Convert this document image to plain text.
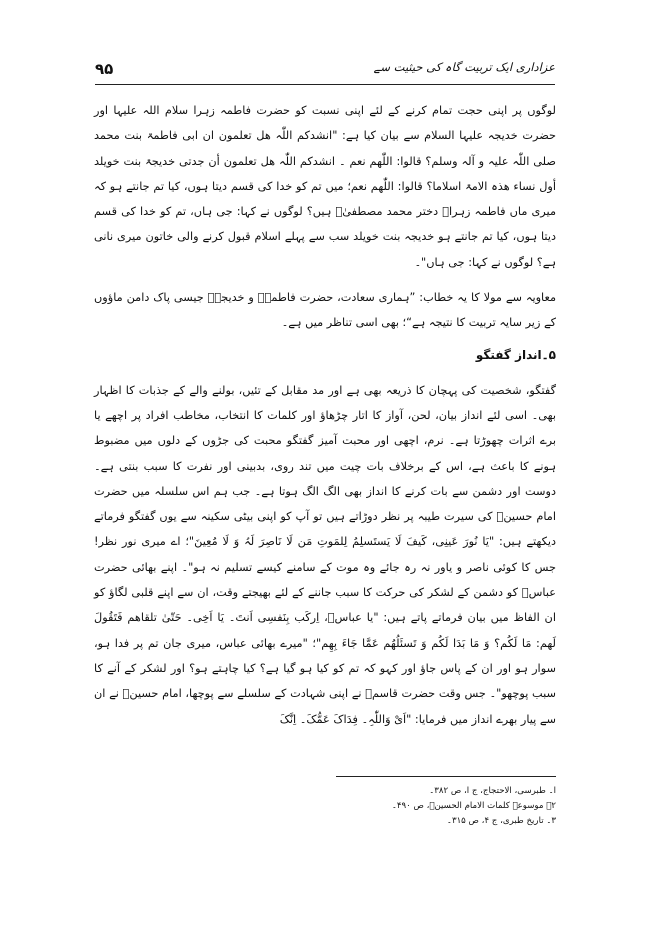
۹۵	عزاداری ایک تربیت گاہ کی حیثیت سے

لوگوں پر اپنی حجت تمام کرنے کے لئے اپنی نسبت کو حضرت فاطمہ زہرا سلام اللہ علیہا اور حضرت خدیجہ علیہا السلام سے بیان کیا ہے: "انشدکم اللّٰہ ھل تعلمون ان ابی فاطمۃ بنت محمد صلی اللّٰہ علیہ و آلہ وسلم؟ قالوا: اللّٰھم نعم ۔ انشدکم اللّٰہ ھل تعلمون أن جدتی خدیجۃ بنت خویلد أول نساء ھذہ الامۃ اسلاما؟ قالوا: اللّٰھم نعم؛ میں تم کو خدا کی قسم دیتا ہوں، کیا تم جانتے ہو کہ میری ماں فاطمہ زہراؑ دختر محمد مصطفیٰؐ ہیں؟ لوگوں نے کہا: جی ہاں، تم کو خدا کی قسم دیتا ہوں، کیا تم جانتے ہو خدیجہ بنت خویلد سب سے پہلے اسلام قبول کرنے والی خاتون میری نانی ہے؟ لوگوں نے کہا: جی ہاں"۔

معاویہ سے مولا کا یہ خطاب: ”ہماری سعادت، حضرت فاطمہؑ و خدیجہؑ جیسی پاک دامن ماؤوں کے زیر سایہ تربیت کا نتیجہ ہے“؛ بھی اسی تناظر میں ہے۔

۵۔انداز گفتگو

گفتگو، شخصیت کی پہچان کا ذریعہ بھی ہے اور مد مقابل کے تئیں، بولنے والے کے جذبات کا اظہار بھی۔ اسی لئے انداز بیان، لحن، آواز کا اتار چڑھاؤ اور کلمات کا انتخاب، مخاطب افراد پر اچھے یا برے اثرات چھوڑتا ہے۔ نرم، اچھی اور محبت آمیز گفتگو محبت کی جڑوں کے دلوں میں مضبوط ہونے کا باعث ہے، اس کے برخلاف بات چیت میں تند روی، بدبینی اور نفرت کا سبب بنتی ہے۔ دوست اور دشمن سے بات کرنے کا انداز بھی الگ الگ ہوتا ہے۔ جب ہم اس سلسلہ میں حضرت امام حسینؑ کی سیرت طیبہ پر نظر دوڑاتے ہیں تو آپ کو اپنی بیٹی سکینہ سے یوں گفتگو فرماتے دیکھتے ہیں: "یَا نُورَ عَینِی، کَیفَ لَا یَستَسلِمُ لِلمَوتِ مَن لَا نَاصِرَ لَہُ وَ لَا مُعِینَ"؛ اے میری نور نظر! جس کا کوئی ناصر و یاور نہ رہ جائے وہ موت کے سامنے کیسے تسلیم نہ ہو"۔ اپنے بھائی حضرت عباسؑ کو دشمن کے لشکر کی حرکت کا سبب جاننے کے لئے بھیجتے وقت، ان سے اپنے قلبی لگاؤ کو ان الفاظ میں بیان فرماتے پاتے ہیں: "یا عباسؑ، اِرکَب بِنَفسِی اَنتَ۔ یَا اَخِی۔ حَتّیٰ تلقاھم فَتَقُولَ لَھم: مَا لَکُم؟ وَ مَا بَدَا لَکُم وَ تَسئَلُھُم عَمَّا جَاءَ بِھِم"؛ "میرے بھائی عباس، میری جان تم پر فدا ہو، سوار ہو اور ان کے پاس جاؤ اور کہو کہ تم کو کیا ہو گیا ہے؟ کیا چاہتے ہو؟ اور لشکر کے آنے کا سبب پوچھو"۔ جس وقت حضرت قاسمؑ نے اپنی شہادت کے سلسلے سے پوچھا، امام حسینؑ نے ان سے پیار بھرے انداز میں فرمایا: "اَیْ وَاللّٰہِ۔ فِدَاکَ عَمُّکَ۔ اِنَّکَ

ا۔ طبرسی، الاحتجاج، ج ا، ص ۳۸۲۔
۲۔ موسوعۃ کلمات الامام الحسینؑ، ص ۴۹۰۔
۳۔ تاریخ طبری، ج ۴، ص ۳۱۵۔
